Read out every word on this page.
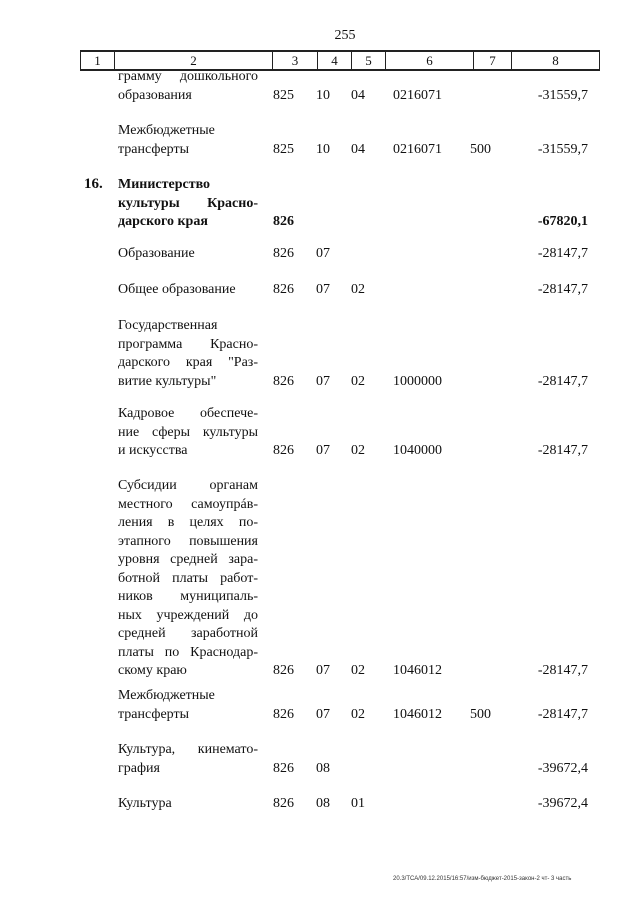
255
1	2	3	4	5	6	7	8
грамму дошкольного
образования	825 10 04 0216071	-31559,7
Межбюджетные
трансферты	825 10 04 0216071 500	-31559,7
16. Министерство
культуры Красно-
дарского края	826	-67820,1
Образование	826 07	-28147,7
Общее образование	826 07 02	-28147,7
Государственная
программа Красно-
дарского края "Раз-
витие культуры"	826 07 02 1000000	-28147,7
Кадровое обеспече-
ние сферы культуры
и искусства	826 07 02 1040000	-28147,7
Субсидии органам
местного самоупрáв-
ления в целях по-
этапного повышения
уровня средней зара-
ботной платы работ-
ников муниципаль-
ных учреждений до
средней заработной
платы по Краснодар-
скому краю	826 07 02 1046012	-28147,7
Межбюджетные
трансферты	826 07 02 1046012 500	-28147,7
Культура, кинемато-
графия	826 08	-39672,4
Культура	826 08 01	-39672,4
20.3/ТСА/09.12.2015/16:57/изм-бюджет-2015-закон-2 чт- 3 часть
